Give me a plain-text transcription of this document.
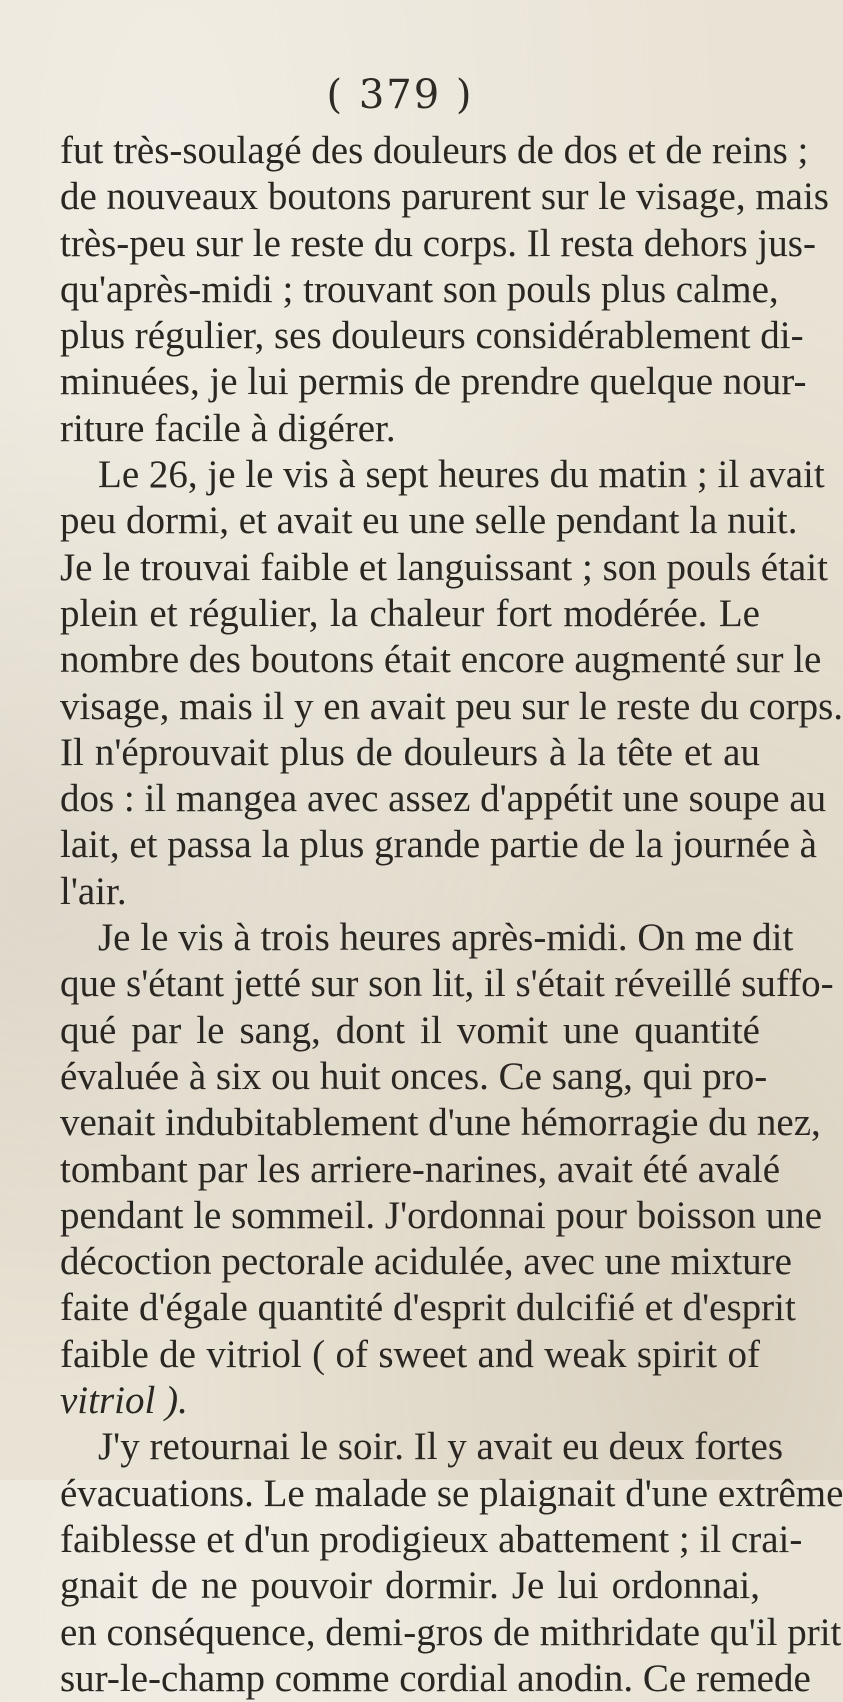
( 379 )
fut très-soulagé des douleurs de dos et de reins ;
de nouveaux boutons parurent sur le visage, mais
très-peu sur le reste du corps. Il resta dehors jus-
qu'après-midi ; trouvant son pouls plus calme,
plus régulier, ses douleurs considérablement di-
minuées, je lui permis de prendre quelque nour-
riture facile à digérer.
Le 26, je le vis à sept heures du matin ; il avait
peu dormi, et avait eu une selle pendant la nuit.
Je le trouvai faible et languissant ; son pouls était
plein et régulier, la chaleur fort modérée. Le
nombre des boutons était encore augmenté sur le
visage, mais il y en avait peu sur le reste du corps.
Il n'éprouvait plus de douleurs à la tête et au
dos : il mangea avec assez d'appétit une soupe au
lait, et passa la plus grande partie de la journée à
l'air.
Je le vis à trois heures après-midi. On me dit
que s'étant jetté sur son lit, il s'était réveillé suffo-
qué par le sang, dont il vomit une quantité
évaluée à six ou huit onces. Ce sang, qui pro-
venait indubitablement d'une hémorragie du nez,
tombant par les arriere-narines, avait été avalé
pendant le sommeil. J'ordonnai pour boisson une
décoction pectorale acidulée, avec une mixture
faite d'égale quantité d'esprit dulcifié et d'esprit
faible de vitriol ( of sweet and weak spirit of
vitriol ).
J'y retournai le soir. Il y avait eu deux fortes
évacuations. Le malade se plaignait d'une extrême
faiblesse et d'un prodigieux abattement ; il crai-
gnait de ne pouvoir dormir. Je lui ordonnai,
en conséquence, demi-gros de mithridate qu'il prit
sur-le-champ comme cordial anodin. Ce remede
